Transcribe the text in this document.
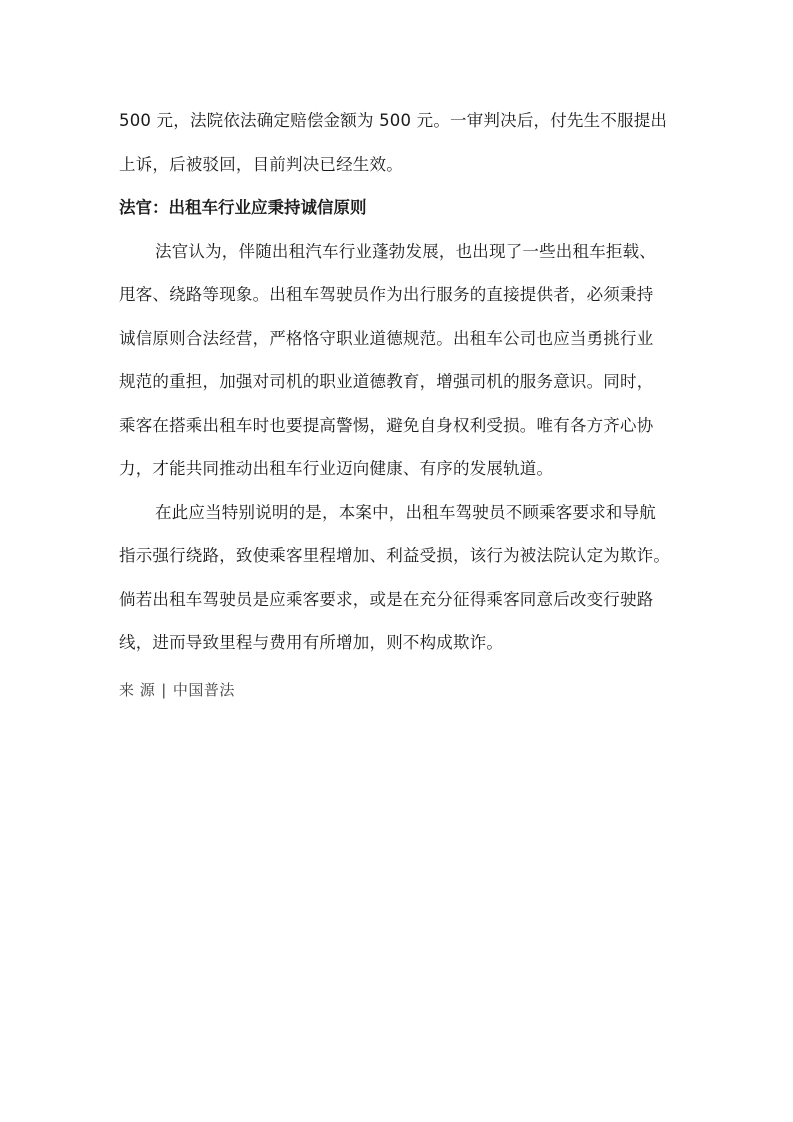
500 元，法院依法确定赔偿金额为 500 元。一审判决后，付先生不服提出
上诉，后被驳回，目前判决已经生效。
法官：出租车行业应秉持诚信原则
法官认为，伴随出租汽车行业蓬勃发展，也出现了一些出租车拒载、
甩客、绕路等现象。出租车驾驶员作为出行服务的直接提供者，必须秉持
诚信原则合法经营，严格恪守职业道德规范。出租车公司也应当勇挑行业
规范的重担，加强对司机的职业道德教育，增强司机的服务意识。同时，
乘客在搭乘出租车时也要提高警惕，避免自身权利受损。唯有各方齐心协
力，才能共同推动出租车行业迈向健康、有序的发展轨道。
在此应当特别说明的是，本案中，出租车驾驶员不顾乘客要求和导航
指示强行绕路，致使乘客里程增加、利益受损，该行为被法院认定为欺诈。
倘若出租车驾驶员是应乘客要求，或是在充分征得乘客同意后改变行驶路
线，进而导致里程与费用有所增加，则不构成欺诈。
来 源 | 中国普法
